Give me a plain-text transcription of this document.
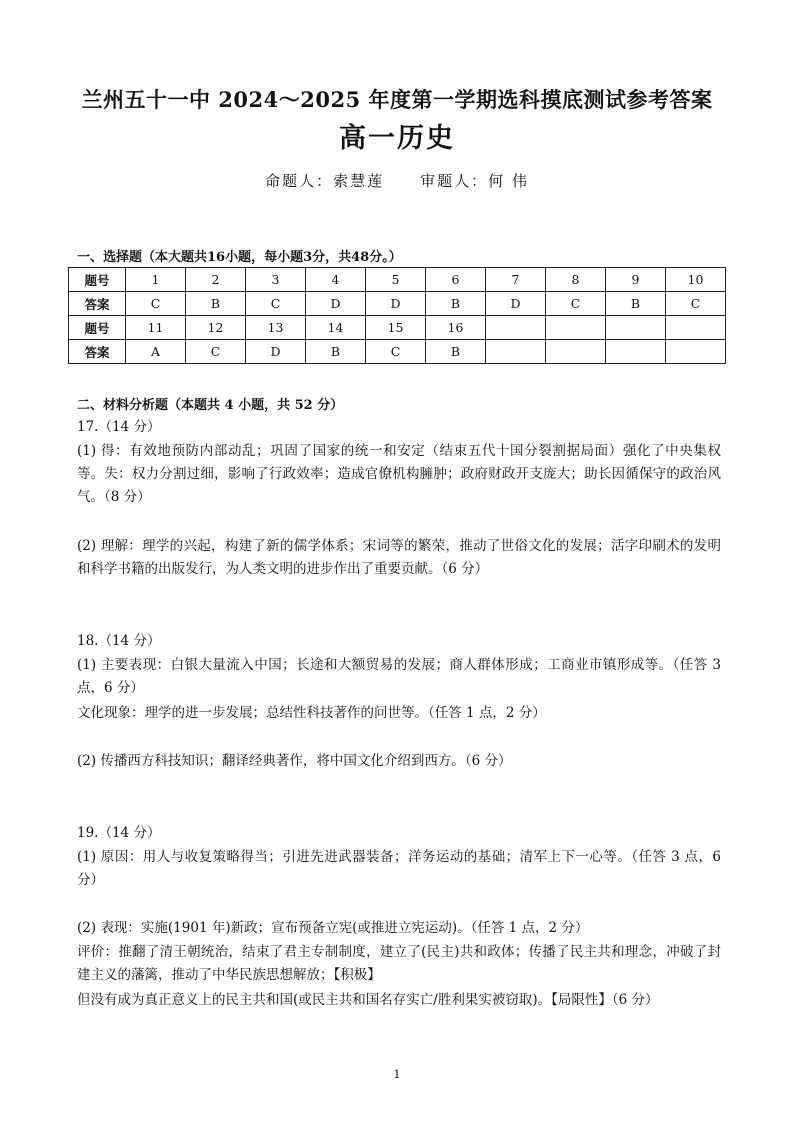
兰州五十一中 2024～2025 年度第一学期选科摸底测试参考答案
高一历史
命题人：索慧莲 审题人：何 伟
一、选择题（本大题共16小题，每小题3分，共48分。）
题号	1	2	3	4	5	6	7	8	9	10
答案	C	B	C	D	D	B	D	C	B	C
题号	11	12	13	14	15	16				
答案	A	C	D	B	C	B				
二、材料分析题（本题共 4 小题，共 52 分）
17.（14 分）
(1) 得：有效地预防内部动乱；巩固了国家的统一和安定（结束五代十国分裂割据局面）强化了中央集权等。失：权力分割过细，影响了行政效率；造成官僚机构臃肿；政府财政开支庞大；助长因循保守的政治风气。（8 分）
(2) 理解：理学的兴起，构建了新的儒学体系；宋词等的繁荣，推动了世俗文化的发展；活字印刷术的发明和科学书籍的出版发行，为人类文明的进步作出了重要贡献。（6 分）
18.（14 分）
(1) 主要表现：白银大量流入中国；长途和大额贸易的发展；商人群体形成；工商业市镇形成等。（任答 3 点，6 分）
文化现象：理学的进一步发展；总结性科技著作的问世等。（任答 1 点，2 分）
(2) 传播西方科技知识；翻译经典著作，将中国文化介绍到西方。（6 分）
19.（14 分）
(1) 原因：用人与收复策略得当；引进先进武器装备；洋务运动的基础；清军上下一心等。（任答 3 点，6 分）
(2) 表现：实施(1901 年)新政；宣布预备立宪(或推进立宪运动)。（任答 1 点，2 分）
评价：推翻了清王朝统治，结束了君主专制制度，建立了(民主)共和政体；传播了民主共和理念，冲破了封建主义的藩篱，推动了中华民族思想解放；【积极】
但没有成为真正意义上的民主共和国(或民主共和国名存实亡/胜利果实被窃取)。【局限性】（6 分）
1
